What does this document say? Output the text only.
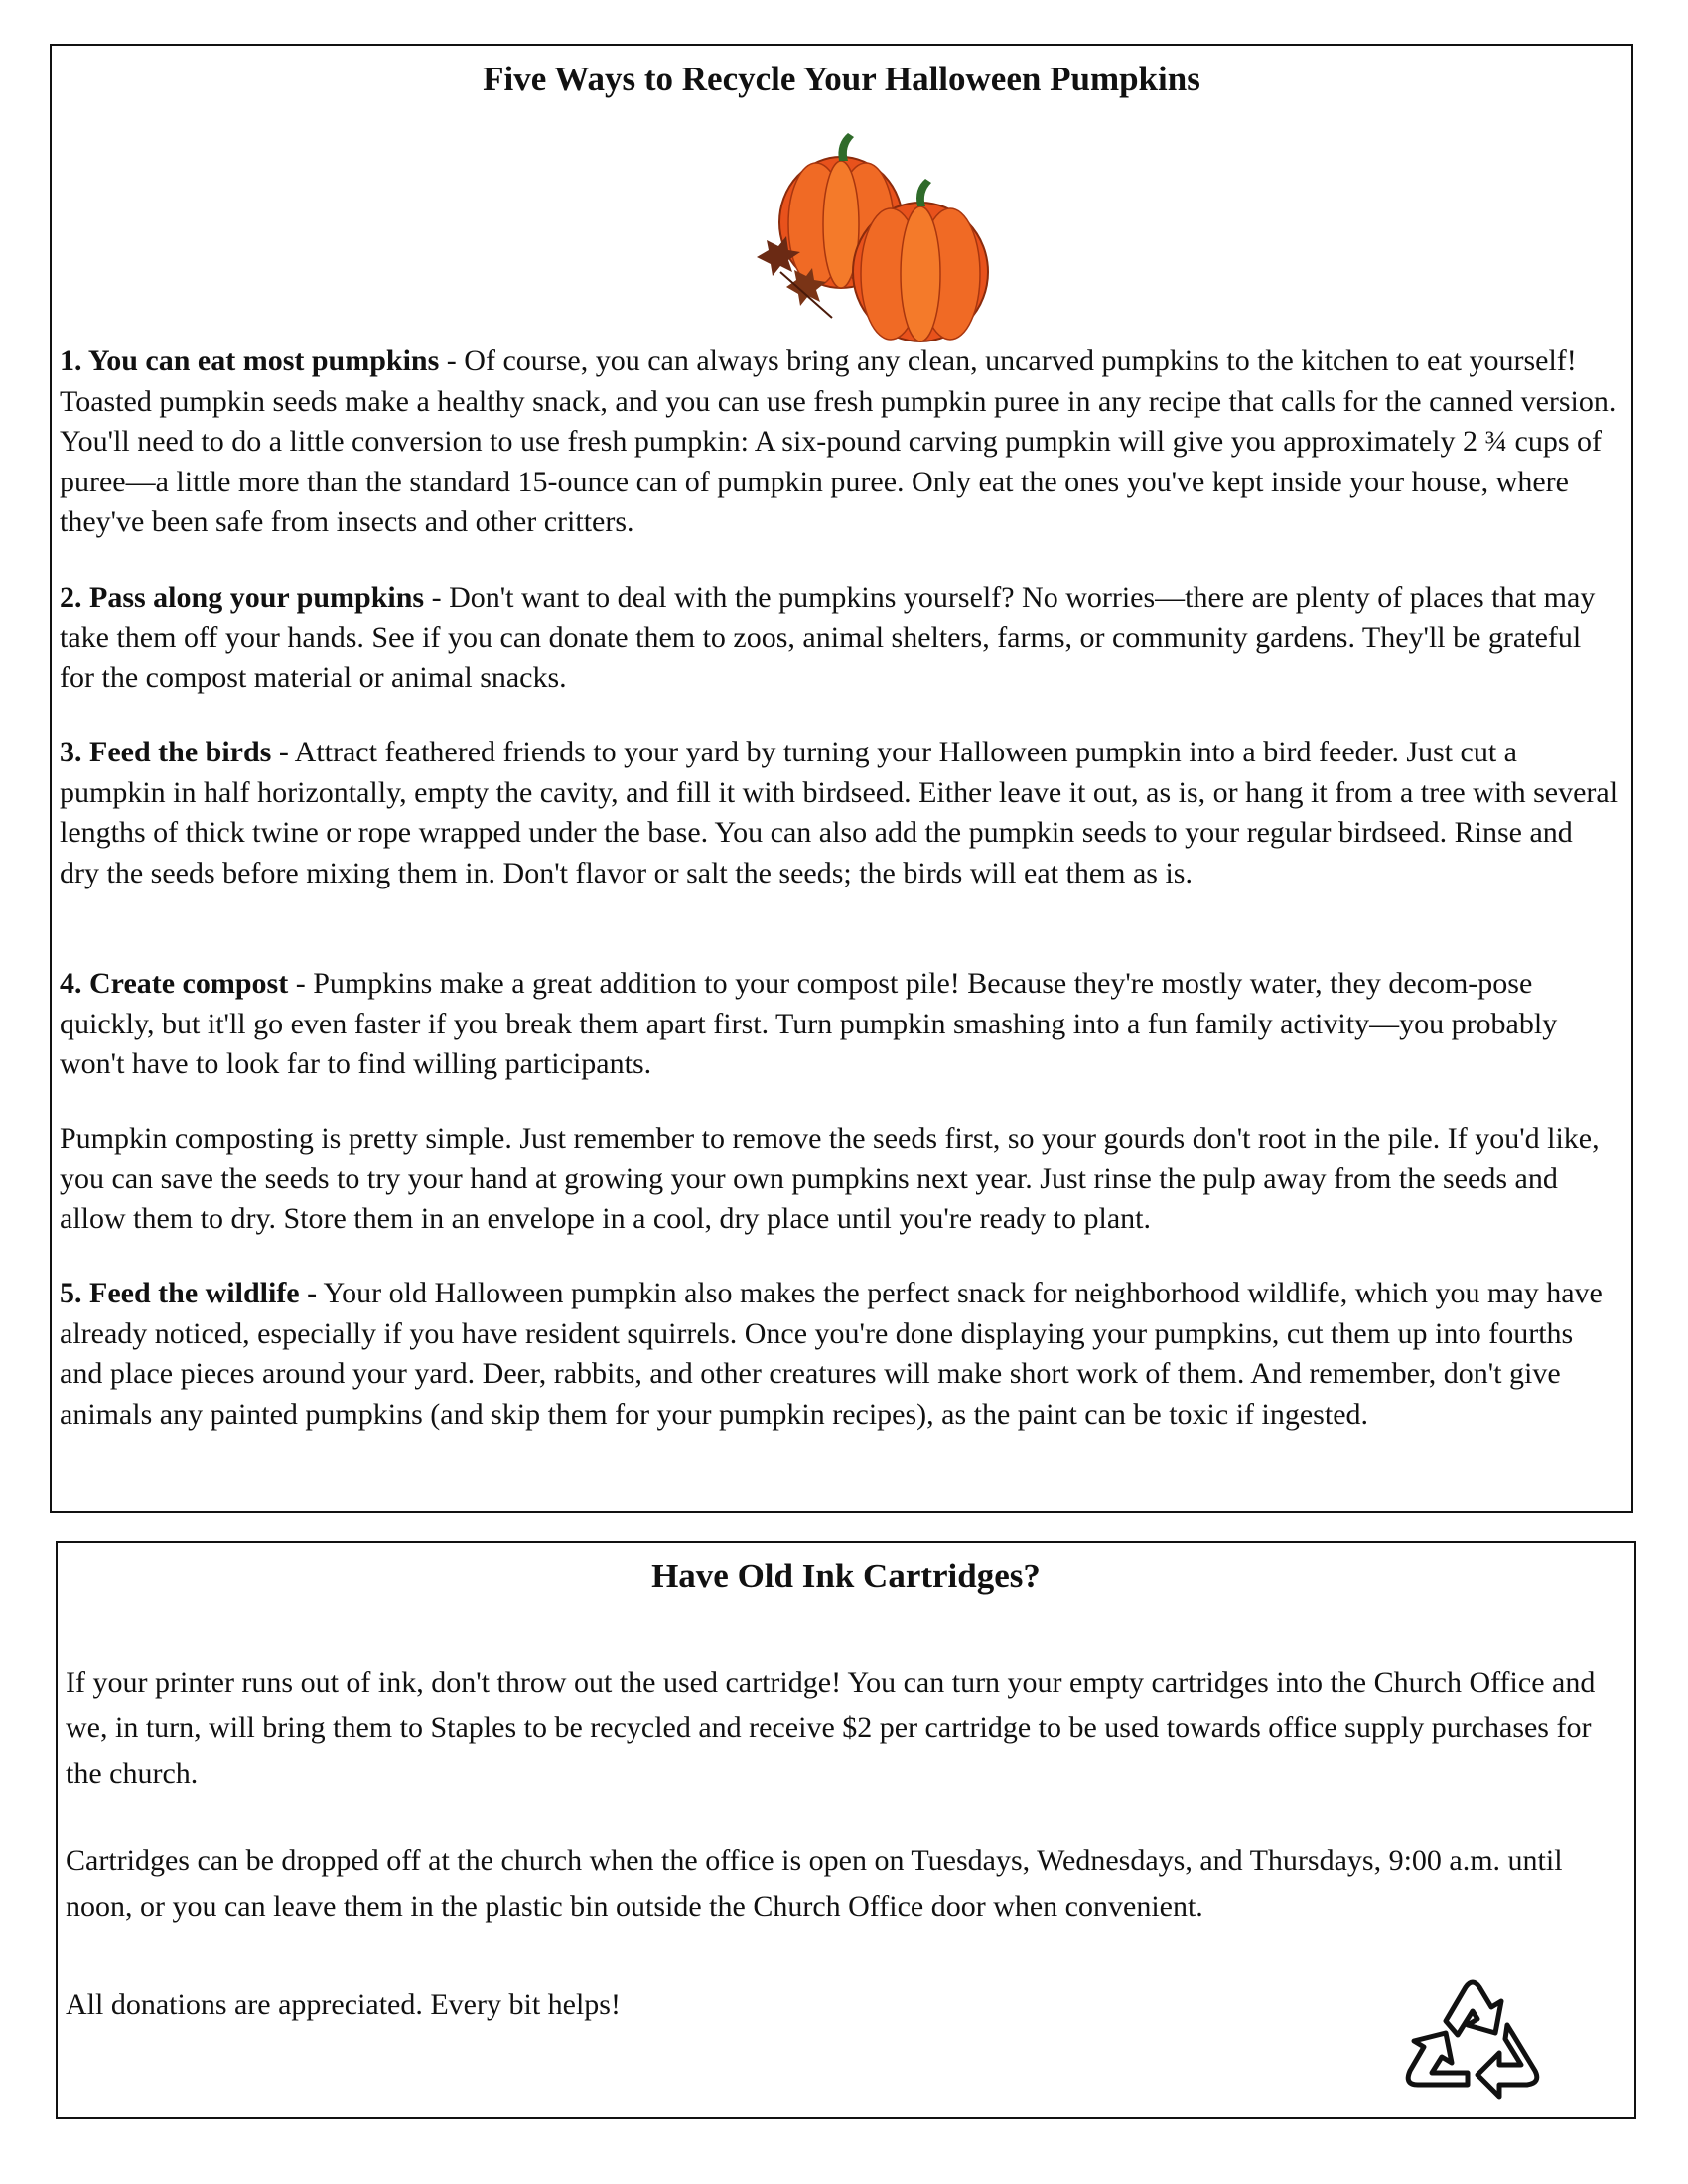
Five Ways to Recycle Your Halloween Pumpkins

1. You can eat most pumpkins - Of course, you can always bring any clean, uncarved pumpkins to the kitchen to eat yourself! Toasted pumpkin seeds make a healthy snack, and you can use fresh pumpkin puree in any recipe that calls for the canned version. You'll need to do a little conversion to use fresh pumpkin: A six-pound carving pumpkin will give you approximately 2 ¾ cups of puree—a little more than the standard 15-ounce can of pumpkin puree. Only eat the ones you've kept inside your house, where they've been safe from insects and other critters.

2. Pass along your pumpkins - Don't want to deal with the pumpkins yourself? No worries—there are plenty of places that may take them off your hands. See if you can donate them to zoos, animal shelters, farms, or community gardens. They'll be grateful for the compost material or animal snacks.

3. Feed the birds - Attract feathered friends to your yard by turning your Halloween pumpkin into a bird feeder. Just cut a pumpkin in half horizontally, empty the cavity, and fill it with birdseed. Either leave it out, as is, or hang it from a tree with several lengths of thick twine or rope wrapped under the base. You can also add the pumpkin seeds to your regular birdseed. Rinse and dry the seeds before mixing them in. Don't flavor or salt the seeds; the birds will eat them as is.

4. Create compost - Pumpkins make a great addition to your compost pile! Because they're mostly water, they decom-pose quickly, but it'll go even faster if you break them apart first. Turn pumpkin smashing into a fun family activity—you probably won't have to look far to find willing participants.

Pumpkin composting is pretty simple. Just remember to remove the seeds first, so your gourds don't root in the pile. If you'd like, you can save the seeds to try your hand at growing your own pumpkins next year. Just rinse the pulp away from the seeds and allow them to dry. Store them in an envelope in a cool, dry place until you're ready to plant.

5. Feed the wildlife - Your old Halloween pumpkin also makes the perfect snack for neighborhood wildlife, which you may have already noticed, especially if you have resident squirrels. Once you're done displaying your pumpkins, cut them up into fourths and place pieces around your yard. Deer, rabbits, and other creatures will make short work of them. And remember, don't give animals any painted pumpkins (and skip them for your pumpkin recipes), as the paint can be toxic if ingested.

Have Old Ink Cartridges?

If your printer runs out of ink, don't throw out the used cartridge! You can turn your empty cartridges into the Church Office and we, in turn, will bring them to Staples to be recycled and receive $2 per cartridge to be used towards office supply purchases for the church.

Cartridges can be dropped off at the church when the office is open on Tuesdays, Wednesdays, and Thursdays, 9:00 a.m. until noon, or you can leave them in the plastic bin outside the Church Office door when convenient.

All donations are appreciated. Every bit helps!
